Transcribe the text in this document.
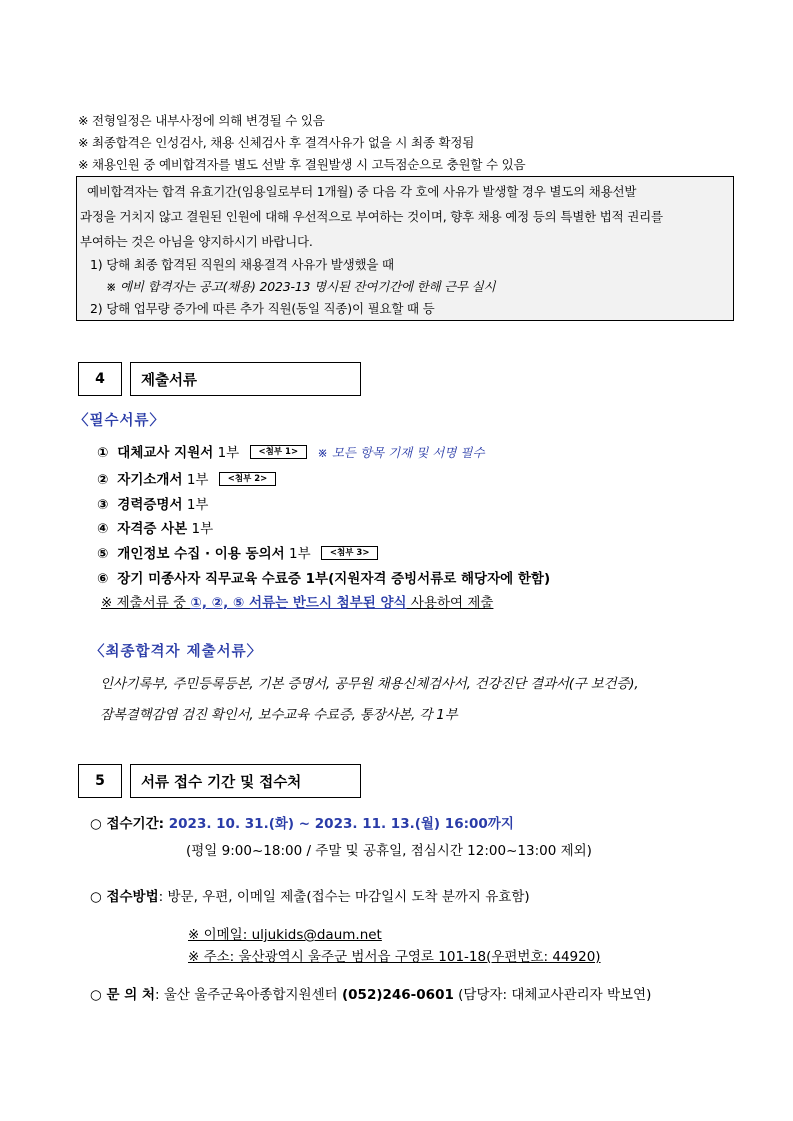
※ 전형일정은 내부사정에 의해 변경될 수 있음
※ 최종합격은 인성검사, 채용 신체검사 후 결격사유가 없을 시 최종 확정됨
※ 채용인원 중 예비합격자를 별도 선발 후 결원발생 시 고득점순으로 충원할 수 있음
예비합격자는 합격 유효기간(임용일로부터 1개월) 중 다음 각 호에 사유가 발생할 경우 별도의 채용선발
과정을 거치지 않고 결원된 인원에 대해 우선적으로 부여하는 것이며, 향후 채용 예정 등의 특별한 법적 권리를
부여하는 것은 아님을 양지하시기 바랍니다.
1) 당해 최종 합격된 직원의 채용결격 사유가 발생했을 때
※ 예비 합격자는 공고(채용) 2023-13 명시된 잔여기간에 한해 근무 실시
2) 당해 업무량 증가에 따른 추가 직원(동일 직종)이 필요할 때 등
4	제출서류
〈필수서류〉
① 대체교사 지원서 1부 <첨부 1> ※ 모든 항목 기재 및 서명 필수
② 자기소개서 1부 <첨부 2>
③ 경력증명서 1부
④ 자격증 사본 1부
⑤ 개인정보 수집 · 이용 동의서 1부 <첨부 3>
⑥ 장기 미종사자 직무교육 수료증 1부(지원자격 증빙서류로 해당자에 한함)
※ 제출서류 중 ①, ②, ⑤ 서류는 반드시 첨부된 양식 사용하여 제출
〈최종합격자 제출서류〉
인사기록부, 주민등록등본, 기본 증명서, 공무원 채용신체검사서, 건강진단 결과서(구 보건증),
잠복결핵감염 검진 확인서, 보수교육 수료증, 통장사본, 각 1부
5	서류 접수 기간 및 접수처
○ 접수기간: 2023. 10. 31.(화) ~ 2023. 11. 13.(월) 16:00까지
(평일 9:00~18:00 / 주말 및 공휴일, 점심시간 12:00~13:00 제외)
○ 접수방법: 방문, 우편, 이메일 제출(접수는 마감일시 도착 분까지 유효함)
※ 이메일: uljukids@daum.net
※ 주소: 울산광역시 울주군 범서읍 구영로 101-18(우편번호: 44920)
○ 문 의 처: 울산 울주군육아종합지원센터 (052)246-0601 (담당자: 대체교사관리자 박보연)
